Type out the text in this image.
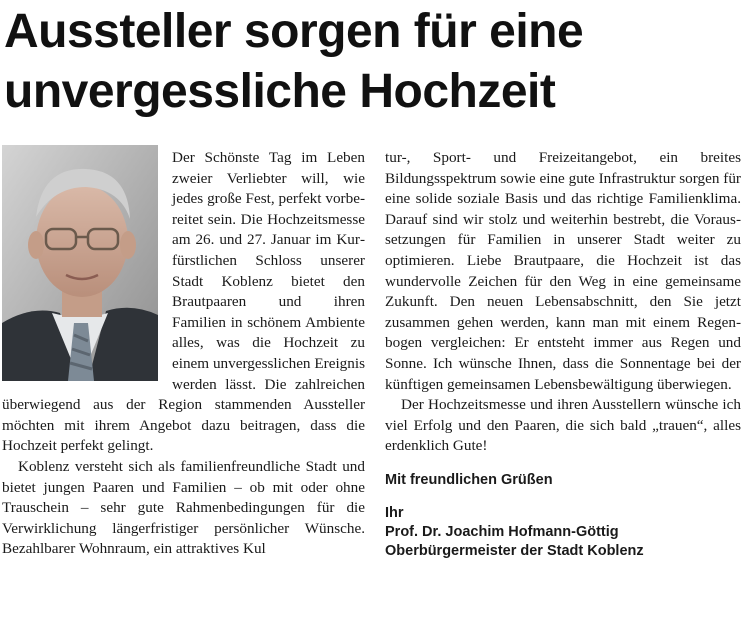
Aussteller sorgen für eine
unvergessliche Hochzeit

Der Schönste Tag im Leben zweier Verliebter will, wie jedes große Fest, perfekt vorbereitet sein. Die Hochzeitsmesse am 26. und 27. Januar im Kurfürstlichen Schloss unserer Stadt Koblenz bietet den Brautpaaren und ihren Familien in schönem Ambiente alles, was die Hochzeit zu einem unvergesslichen Ereignis werden lässt. Die zahlreichen überwiegend aus der Region stammenden Aussteller möchten mit ihrem Angebot dazu beitragen, dass die Hochzeit perfekt gelingt.

Koblenz versteht sich als familienfreundliche Stadt und bietet jungen Paaren und Familien – ob mit oder ohne Trauschein – sehr gute Rahmenbedingungen für die Verwirklichung längerfristiger persönlicher Wünsche. Bezahlbarer Wohnraum, ein attraktives Kul

tur-, Sport- und Freizeitangebot, ein breites Bildungsspektrum sowie eine gute Infrastruktur sorgen für eine solide soziale Basis und das richtige Familienklima. Darauf sind wir stolz und weiterhin bestrebt, die Voraussetzungen für Familien in unserer Stadt weiter zu optimieren. Liebe Brautpaare, die Hochzeit ist das wundervolle Zeichen für den Weg in eine gemeinsame Zukunft. Den neuen Lebensabschnitt, den Sie jetzt zusammen gehen werden, kann man mit einem Regenbogen vergleichen: Er entsteht immer aus Regen und Sonne. Ich wünsche Ihnen, dass die Sonnentage bei der künftigen gemeinsamen Lebensbewältigung überwiegen.

Der Hochzeitsmesse und ihren Ausstellern wünsche ich viel Erfolg und den Paaren, die sich bald „trauen“, alles erdenklich Gute!

Mit freundlichen Grüßen
Ihr
Prof. Dr. Joachim Hofmann-Göttig
Oberbürgermeister der Stadt Koblenz
